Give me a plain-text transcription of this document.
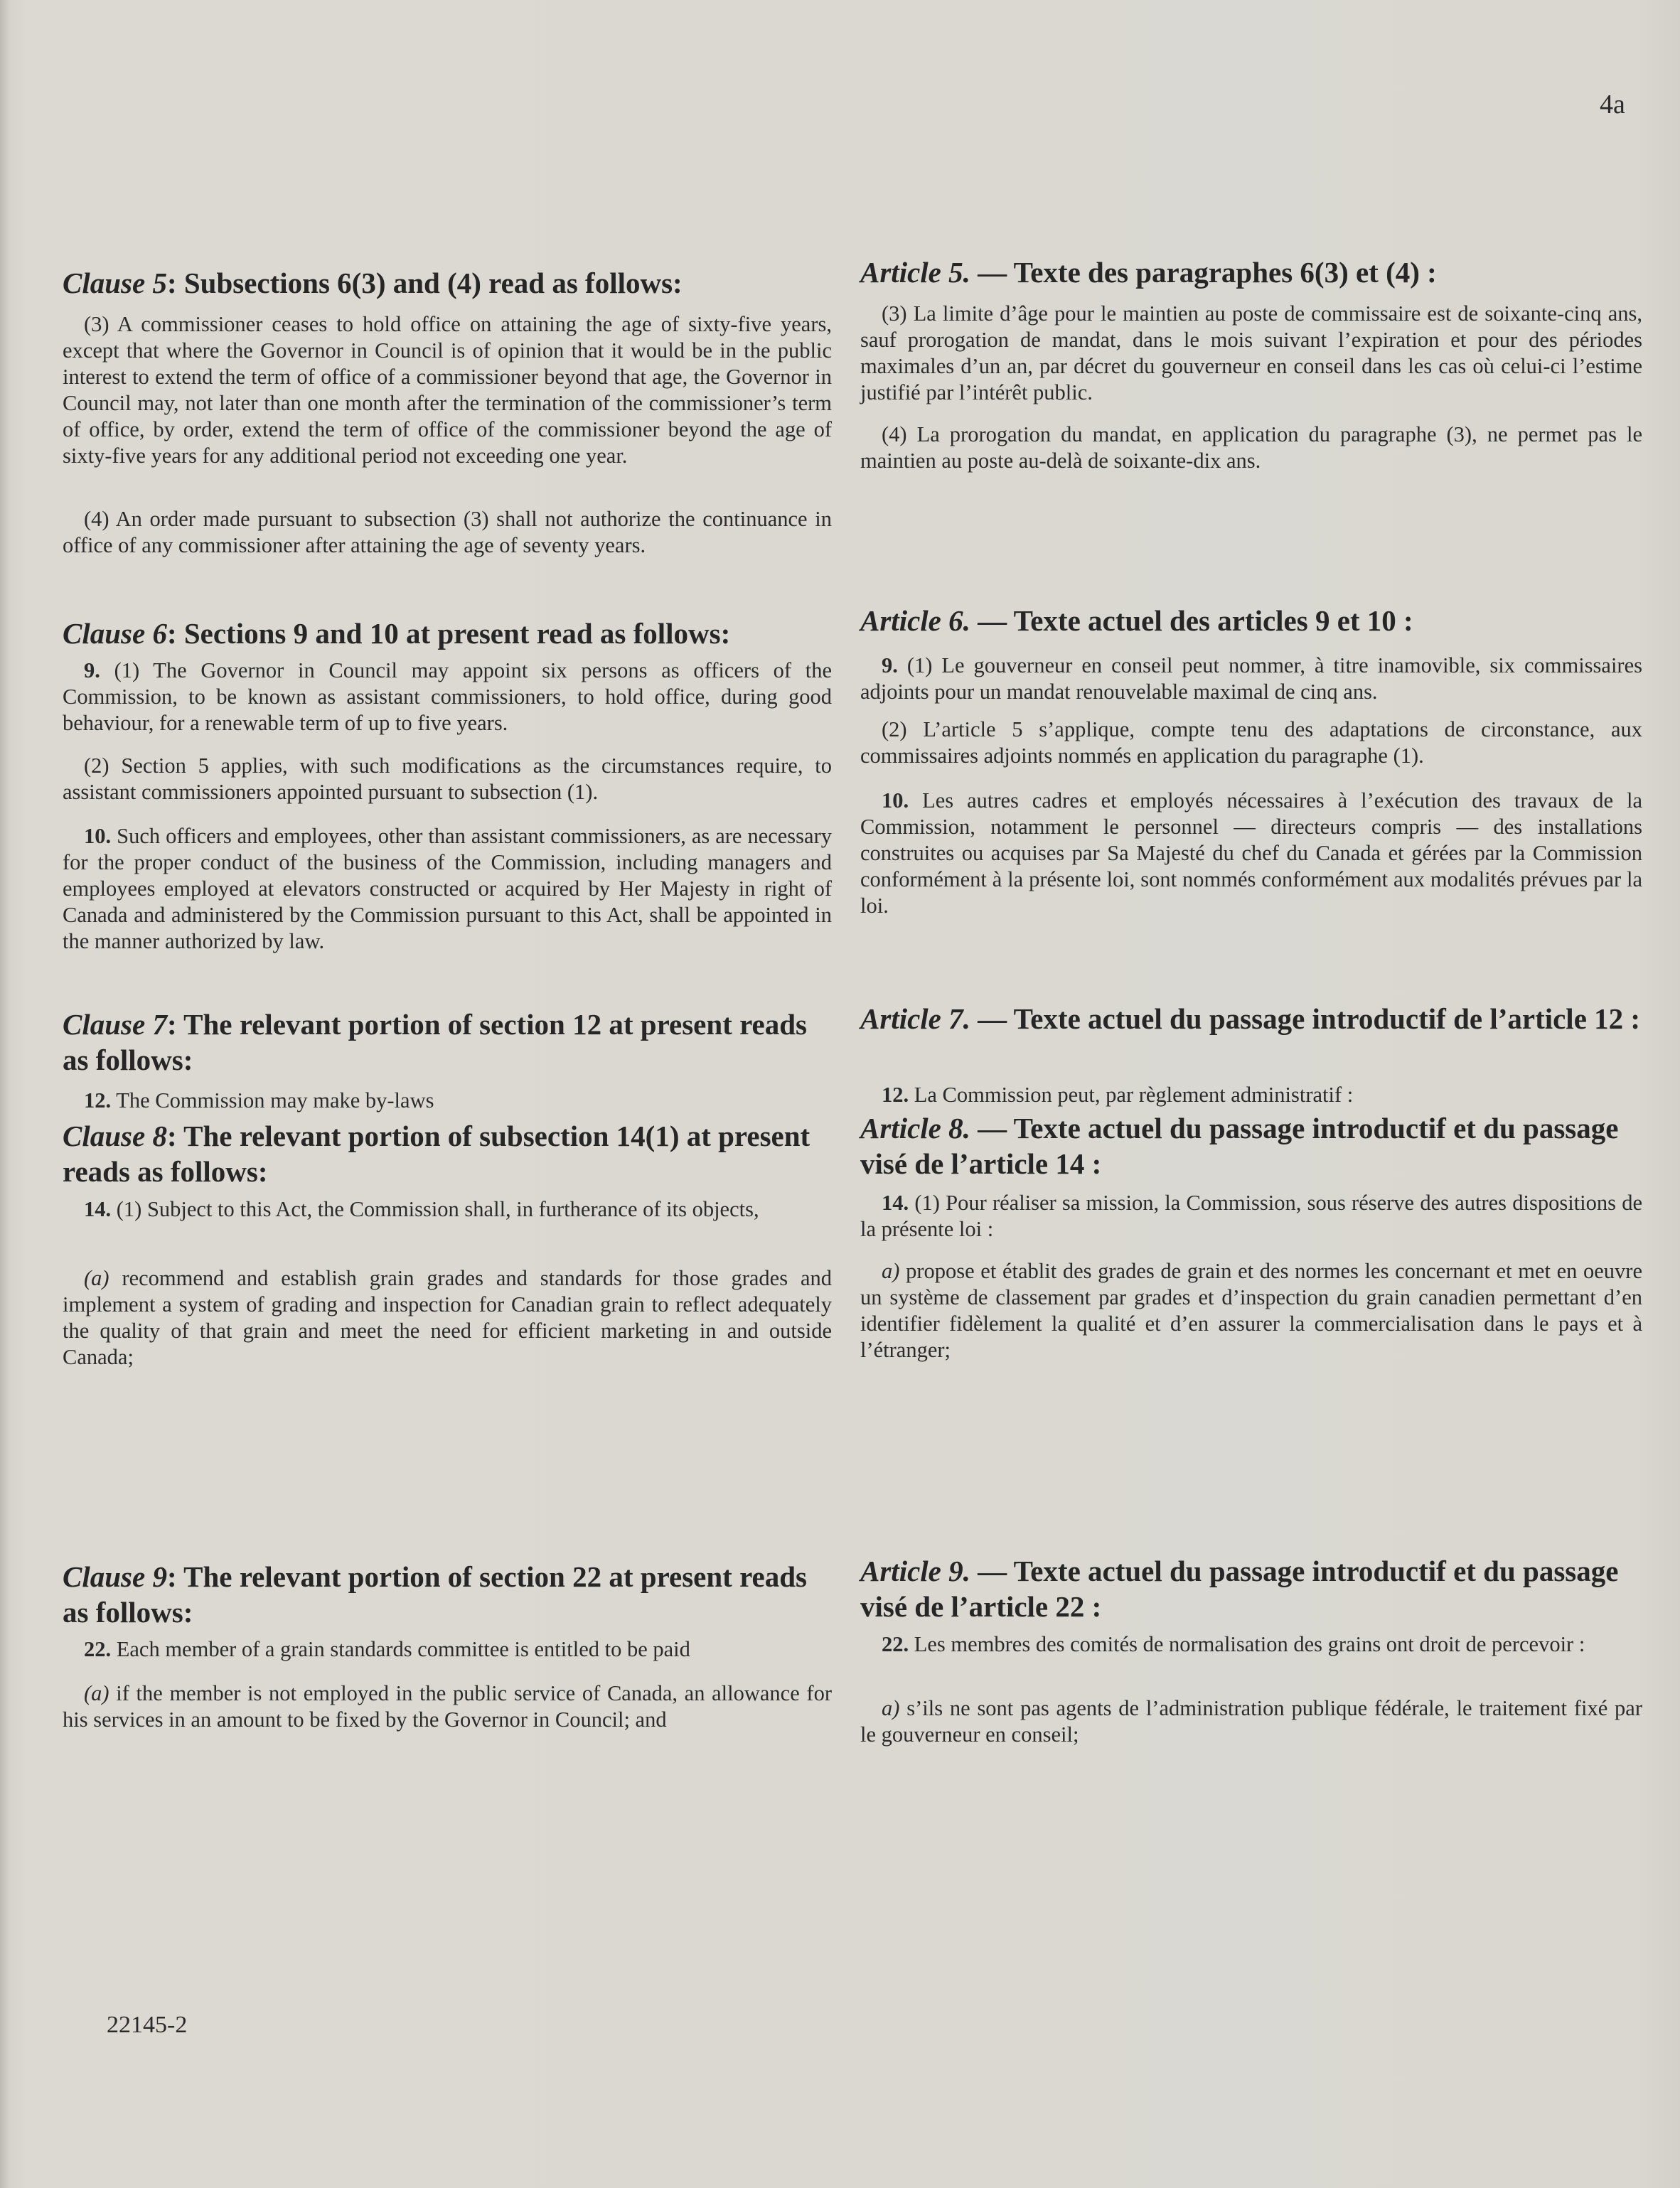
4a
Clause 5: Subsections 6(3) and (4) read as follows:

(3) A commissioner ceases to hold office on attaining the age of sixty-five years, except that where the Governor in Council is of opinion that it would be in the public interest to extend the term of office of a commissioner beyond that age, the Governor in Council may, not later than one month after the termination of the commissioner’s term of office, by order, extend the term of office of the commissioner beyond the age of sixty-five years for any additional period not exceeding one year.

(4) An order made pursuant to subsection (3) shall not authorize the continuance in office of any commissioner after attaining the age of seventy years.

Clause 6: Sections 9 and 10 at present read as follows:

9. (1) The Governor in Council may appoint six persons as officers of the Commission, to be known as assistant commissioners, to hold office, during good behaviour, for a renewable term of up to five years.

(2) Section 5 applies, with such modifications as the circumstances require, to assistant commissioners appointed pursuant to subsection (1).

10. Such officers and employees, other than assistant commissioners, as are necessary for the proper conduct of the business of the Commission, including managers and employees employed at elevators constructed or acquired by Her Majesty in right of Canada and administered by the Commission pursuant to this Act, shall be appointed in the manner authorized by law.

Clause 7: The relevant portion of section 12 at present reads as follows:

12. The Commission may make by-laws

Clause 8: The relevant portion of subsection 14(1) at present reads as follows:

14. (1) Subject to this Act, the Commission shall, in furtherance of its objects,

(a) recommend and establish grain grades and standards for those grades and implement a system of grading and inspection for Canadian grain to reflect adequately the quality of that grain and meet the need for efficient marketing in and outside Canada;

Clause 9: The relevant portion of section 22 at present reads as follows:

22. Each member of a grain standards committee is entitled to be paid

(a) if the member is not employed in the public service of Canada, an allowance for his services in an amount to be fixed by the Governor in Council; and

Article 5. — Texte des paragraphes 6(3) et (4) :

(3) La limite d’âge pour le maintien au poste de commissaire est de soixante-cinq ans, sauf prorogation de mandat, dans le mois suivant l’expiration et pour des périodes maximales d’un an, par décret du gouverneur en conseil dans les cas où celui-ci l’estime justifié par l’intérêt public.

(4) La prorogation du mandat, en application du paragraphe (3), ne permet pas le maintien au poste au-delà de soixante-dix ans.

Article 6. — Texte actuel des articles 9 et 10 :

9. (1) Le gouverneur en conseil peut nommer, à titre inamovible, six commissaires adjoints pour un mandat renouvelable maximal de cinq ans.

(2) L’article 5 s’applique, compte tenu des adaptations de circonstance, aux commissaires adjoints nommés en application du paragraphe (1).

10. Les autres cadres et employés nécessaires à l’exécution des travaux de la Commission, notamment le personnel — directeurs compris — des installations construites ou acquises par Sa Majesté du chef du Canada et gérées par la Commission conformément à la présente loi, sont nommés conformément aux modalités prévues par la loi.

Article 7. — Texte actuel du passage introductif de l’article 12 :

12. La Commission peut, par règlement administratif :

Article 8. — Texte actuel du passage introductif et du passage visé de l’article 14 :

14. (1) Pour réaliser sa mission, la Commission, sous réserve des autres dispositions de la présente loi :

a) propose et établit des grades de grain et des normes les concernant et met en oeuvre un système de classement par grades et d’inspection du grain canadien permettant d’en identifier fidèlement la qualité et d’en assurer la commercialisation dans le pays et à l’étranger;

Article 9. — Texte actuel du passage introductif et du passage visé de l’article 22 :

22. Les membres des comités de normalisation des grains ont droit de percevoir :

a) s’ils ne sont pas agents de l’administration publique fédérale, le traitement fixé par le gouverneur en conseil;

22145-2
